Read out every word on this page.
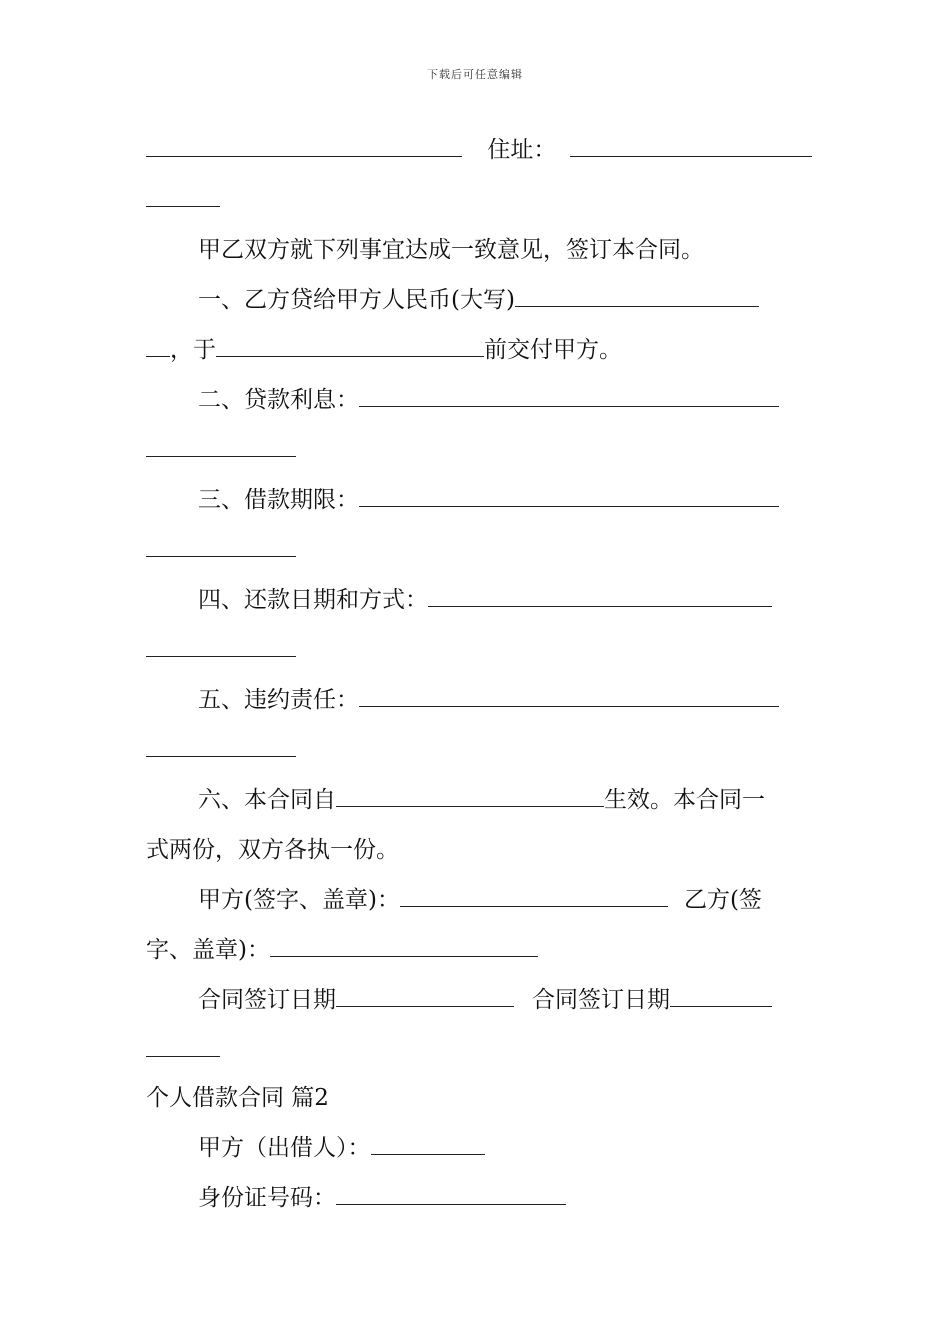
下载后可任意编辑
住址：
甲乙双方就下列事宜达成一致意见，签订本合同。
一、乙方贷给甲方人民币(大写)
，于	前交付甲方。
二、贷款利息：
三、借款期限：
四、还款日期和方式：
五、违约责任：
六、本合同自	生效。本合同一
式两份，双方各执一份。
甲方(签字、盖章)：	乙方(签
字、盖章)：
合同签订日期	合同签订日期
个人借款合同 篇2
甲方（出借人）：
身份证号码：
